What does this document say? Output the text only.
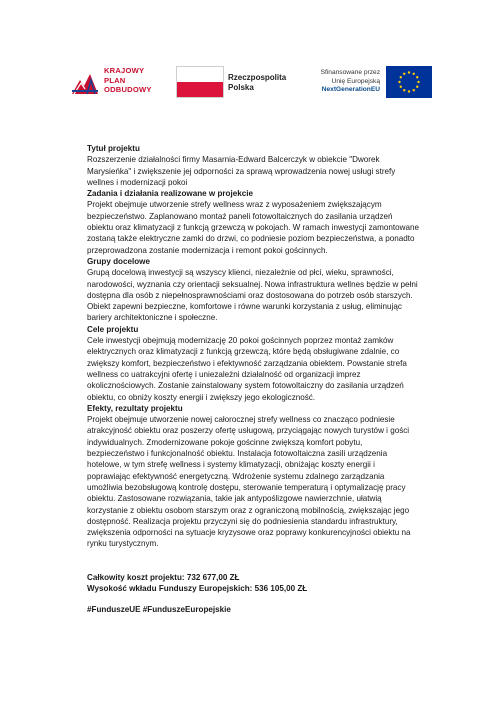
KRAJOWY
PLAN
ODBUDOWY
Rzeczpospolita
Polska
Sfinansowane przez
Unię Europejską
NextGenerationEU

Tytuł projektu

Rozszerzenie działalności firmy Masarnia-Edward Balcerczyk w obiekcie "Dworek

Marysieńka" i zwiększenie jej odporności za sprawą wprowadzenia nowej usługi strefy

wellnes i modernizacji pokoi

Zadania i działania realizowane w projekcie

Projekt obejmuje utworzenie strefy wellness wraz z wyposażeniem zwiększającym

bezpieczeństwo. Zaplanowano montaż paneli fotowoltaicznych do zasilania urządzeń

obiektu oraz klimatyzacji z funkcją grzewczą w pokojach. W ramach inwestycji zamontowane

zostaną także elektryczne zamki do drzwi, co podniesie poziom bezpieczeństwa, a ponadto

przeprowadzona zostanie modernizacja i remont pokoi gościnnych.

Grupy docelowe

Grupą docelową inwestycji są wszyscy klienci, niezależnie od płci, wieku, sprawności,

narodowości, wyznania czy orientacji seksualnej. Nowa infrastruktura wellnes będzie w pełni

dostępna dla osób z niepełnosprawnościami oraz dostosowana do potrzeb osób starszych.

Obiekt zapewni bezpieczne, komfortowe i równe warunki korzystania z usług, eliminując

bariery architektoniczne i społeczne.

Cele projektu

Cele inwestycji obejmują modernizację 20 pokoi gościnnych poprzez montaż zamków

elektrycznych oraz klimatyzacji z funkcją grzewczą, które będą obsługiwane zdalnie, co

zwiększy komfort, bezpieczeństwo i efektywność zarządzania obiektem. Powstanie strefa

wellness co uatrakcyjni ofertę i uniezależni działalność od organizacji imprez

okolicznościowych. Zostanie zainstalowany system fotowoltaiczny do zasilania urządzeń

obiektu, co obniży koszty energii i zwiększy jego ekologiczność.

Efekty, rezultaty projektu

Projekt obejmuje utworzenie nowej całorocznej strefy wellness co znacząco podniesie

atrakcyjność obiektu oraz poszerzy ofertę usługową, przyciągając nowych turystów i gości

indywidualnych. Zmodernizowane pokoje gościnne zwiększą komfort pobytu,

bezpieczeństwo i funkcjonalność obiektu. Instalacja fotowoltaiczna zasili urządzenia

hotelowe, w tym strefę wellness i systemy klimatyzacji, obniżając koszty energii i

poprawiając efektywność energetyczną. Wdrożenie systemu zdalnego zarządzania

umożliwia bezobsługową kontrolę dostępu, sterowanie temperaturą i optymalizację pracy

obiektu. Zastosowane rozwiązania, takie jak antypoślizgowe nawierzchnie, ułatwią

korzystanie z obiektu osobom starszym oraz z ograniczoną mobilnością, zwiększając jego

dostępność. Realizacja projektu przyczyni się do podniesienia standardu infrastruktury,

zwiększenia odporności na sytuacje kryzysowe oraz poprawy konkurencyjności obiektu na

rynku turystycznym.

Całkowity koszt projektu: 732 677,00 ZŁ

Wysokość wkładu Funduszy Europejskich: 536 105,00 ZŁ

#FunduszeUE #FunduszeEuropejskie
